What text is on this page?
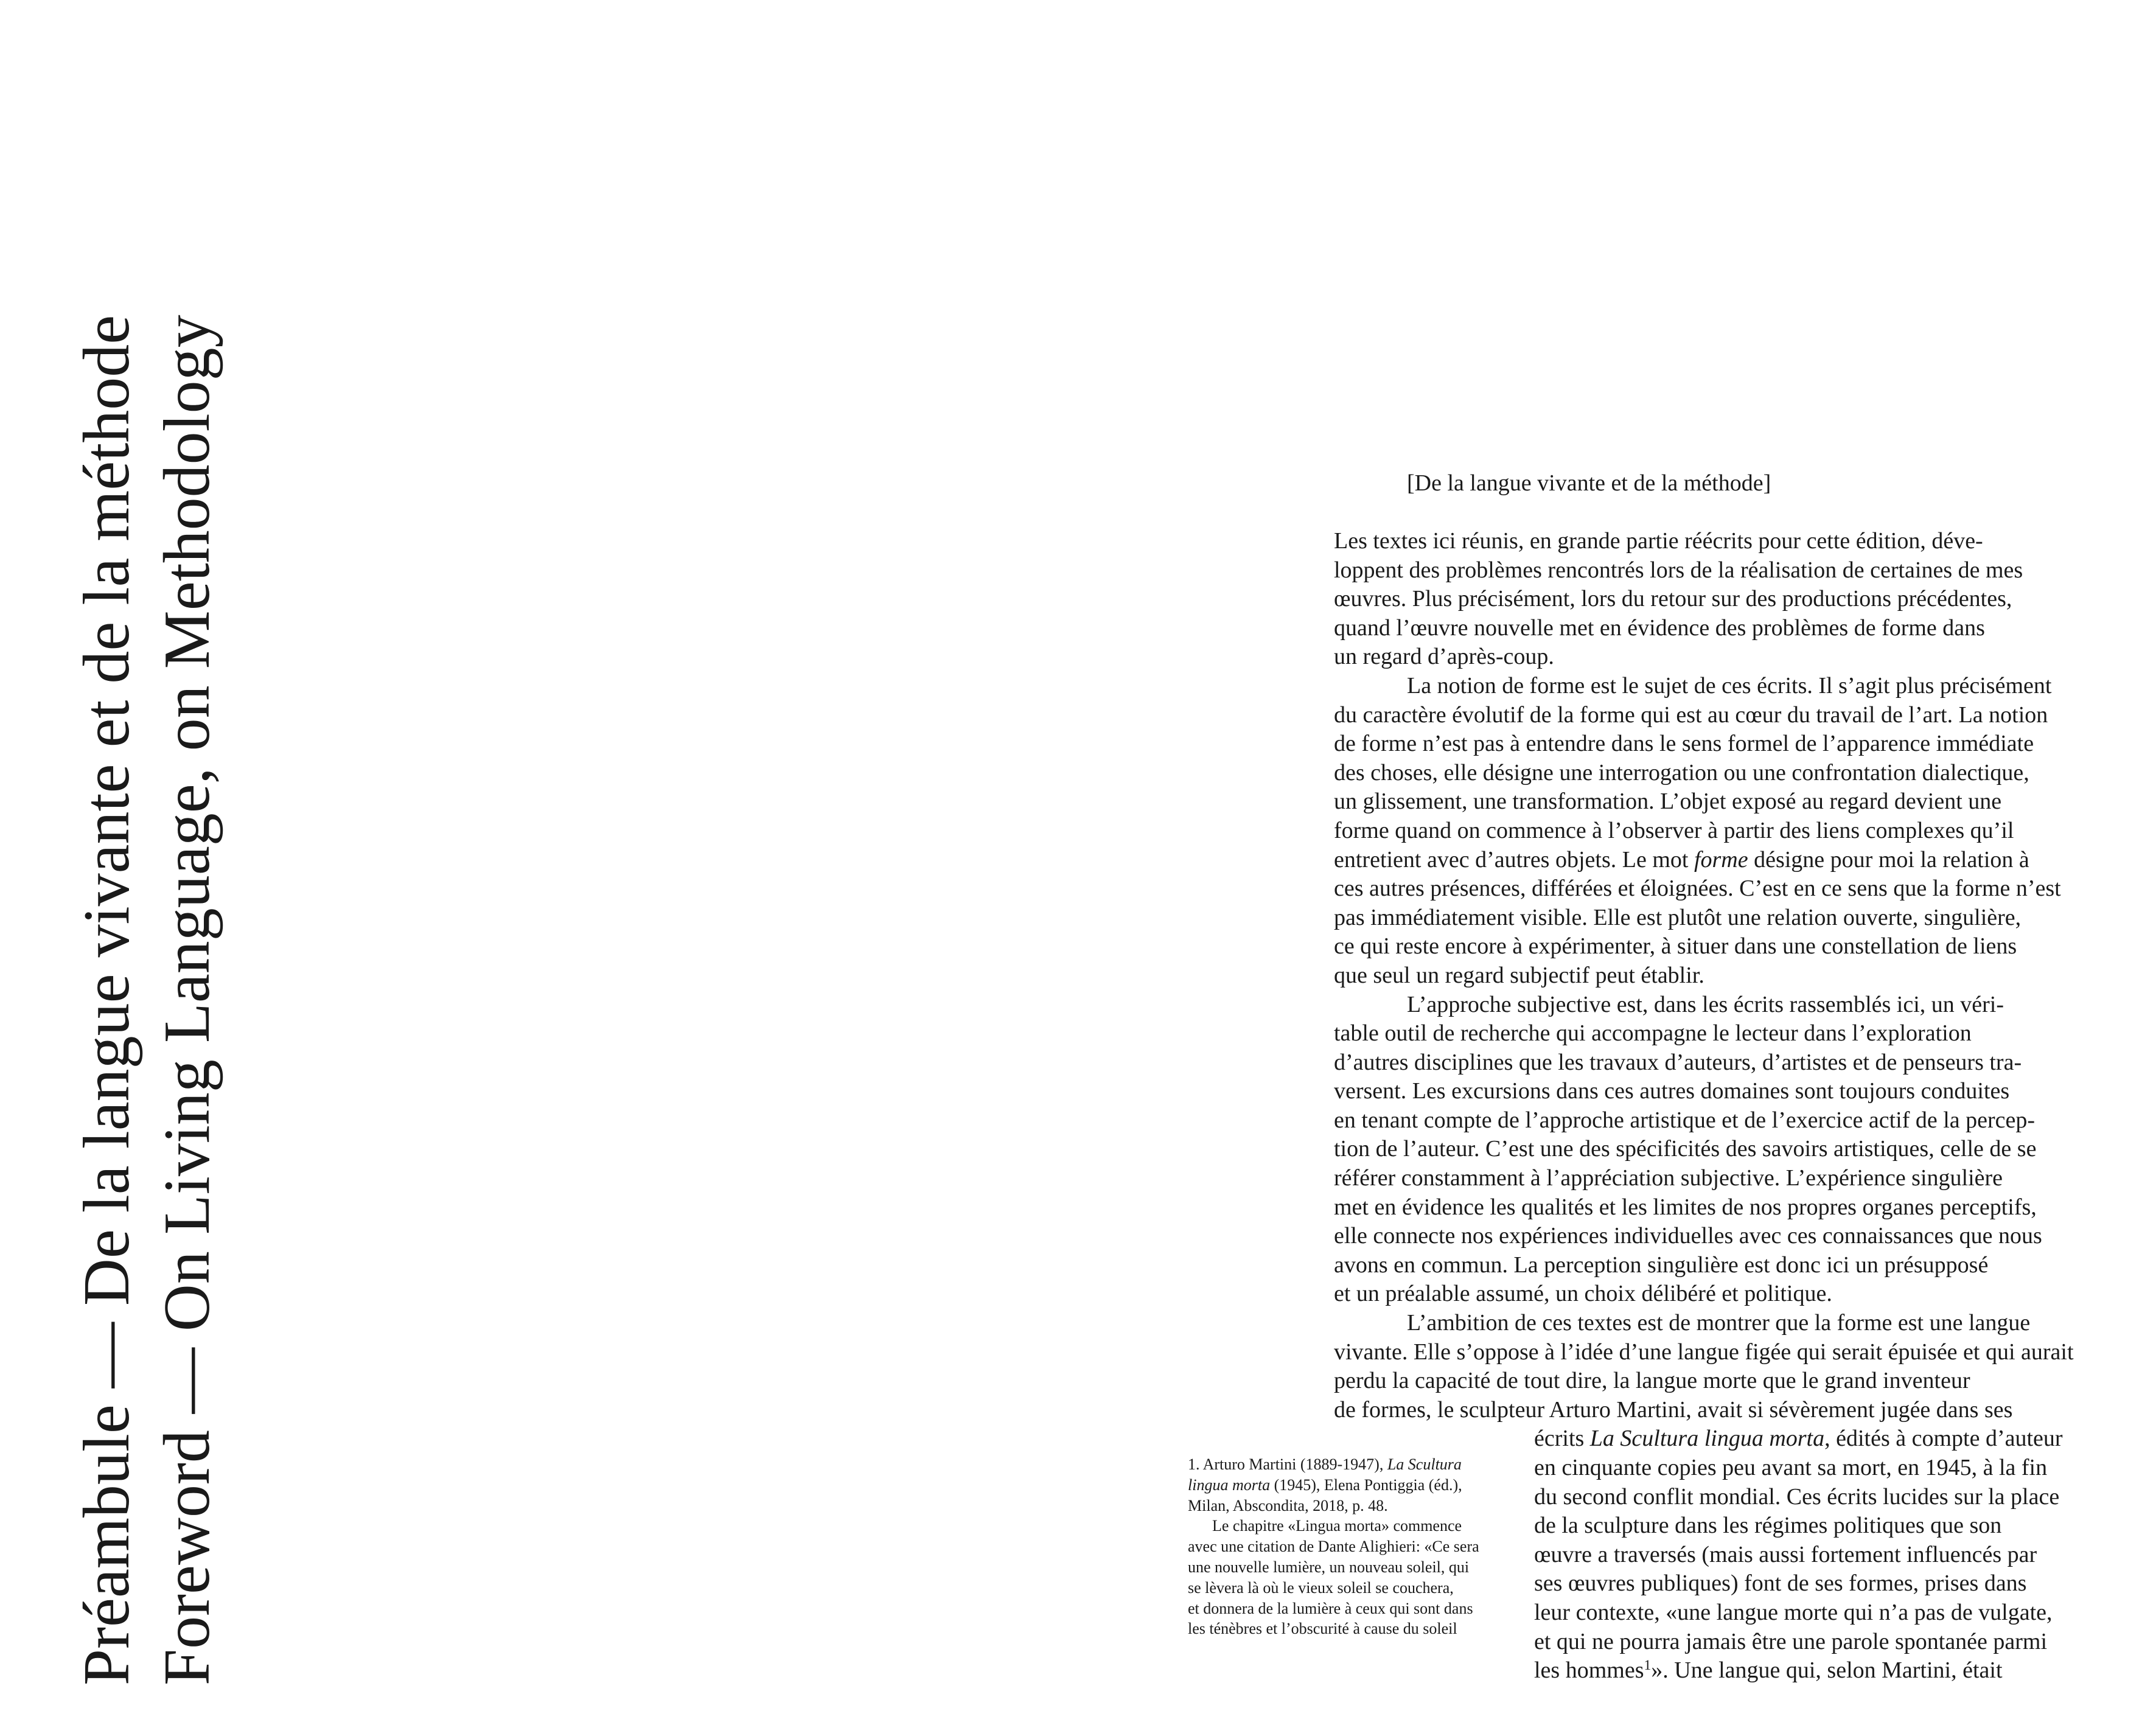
Préambule — De la langue vivante et de la méthode Foreword — On Living Language, on Methodology	[De la langue vivante et de la méthode]

Les textes ici réunis, en grande partie réécrits pour cette édition, déve-
loppent des problèmes rencontrés lors de la réalisation de certaines de mes
œuvres. Plus précisément, lors du retour sur des productions précédentes,
quand l’œuvre nouvelle met en évidence des problèmes de forme dans
un regard d’après-coup.

La notion de forme est le sujet de ces écrits. Il s’agit plus précisément
du caractère évolutif de la forme qui est au cœur du travail de l’art. La notion
de forme n’est pas à entendre dans le sens formel de l’apparence immédiate
des choses, elle désigne une interrogation ou une confrontation dialectique,
un glissement, une transformation. L’objet exposé au regard devient une
forme quand on commence à l’observer à partir des liens complexes qu’il
entretient avec d’autres objets. Le mot forme désigne pour moi la relation à
ces autres présences, différées et éloignées. C’est en ce sens que la forme n’est
pas immédiatement visible. Elle est plutôt une relation ouverte, singulière,
ce qui reste encore à expérimenter, à situer dans une constellation de liens
que seul un regard subjectif peut établir.

L’approche subjective est, dans les écrits rassemblés ici, un véri-
table outil de recherche qui accompagne le lecteur dans l’exploration
d’autres disciplines que les travaux d’auteurs, d’artistes et de penseurs tra-
versent. Les excursions dans ces autres domaines sont toujours conduites
en tenant compte de l’approche artistique et de l’exercice actif de la percep-
tion de l’auteur. C’est une des spécificités des savoirs artistiques, celle de se
référer constamment à l’appréciation subjective. L’expérience singulière
met en évidence les qualités et les limites de nos propres organes perceptifs,
elle connecte nos expériences individuelles avec ces connaissances que nous
avons en commun. La perception singulière est donc ici un présupposé
et un préalable assumé, un choix délibéré et politique.

L’ambition de ces textes est de montrer que la forme est une langue
vivante. Elle s’oppose à l’idée d’une langue figée qui serait épuisée et qui aurait
perdu la capacité de tout dire, la langue morte que le grand inventeur
de formes, le sculpteur Arturo Martini, avait si sévèrement jugée dans ses
écrits La Scultura lingua morta, édités à compte d’auteur
en cinquante copies peu avant sa mort, en 1945, à la fin
du second conflit mondial. Ces écrits lucides sur la place
de la sculpture dans les régimes politiques que son
œuvre a traversés (mais aussi fortement influencés par
ses œuvres publiques) font de ses formes, prises dans
leur contexte, «une langue morte qui n’a pas de vulgate,
et qui ne pourra jamais être une parole spontanée parmi
les hommes$^1$». Une langue qui, selon Martini, était

1. Arturo Martini (1889-1947), La Scultura
lingua morta (1945), Elena Pontiggia (éd.),
Milan, Abscondita, 2018, p. 48.
Le chapitre «Lingua morta» commence
avec une citation de Dante Alighieri: «Ce sera
une nouvelle lumière, un nouveau soleil, qui
se lèvera là où le vieux soleil se couchera,
et donnera de la lumière à ceux qui sont dans
les ténèbres et l’obscurité à cause du soleil
